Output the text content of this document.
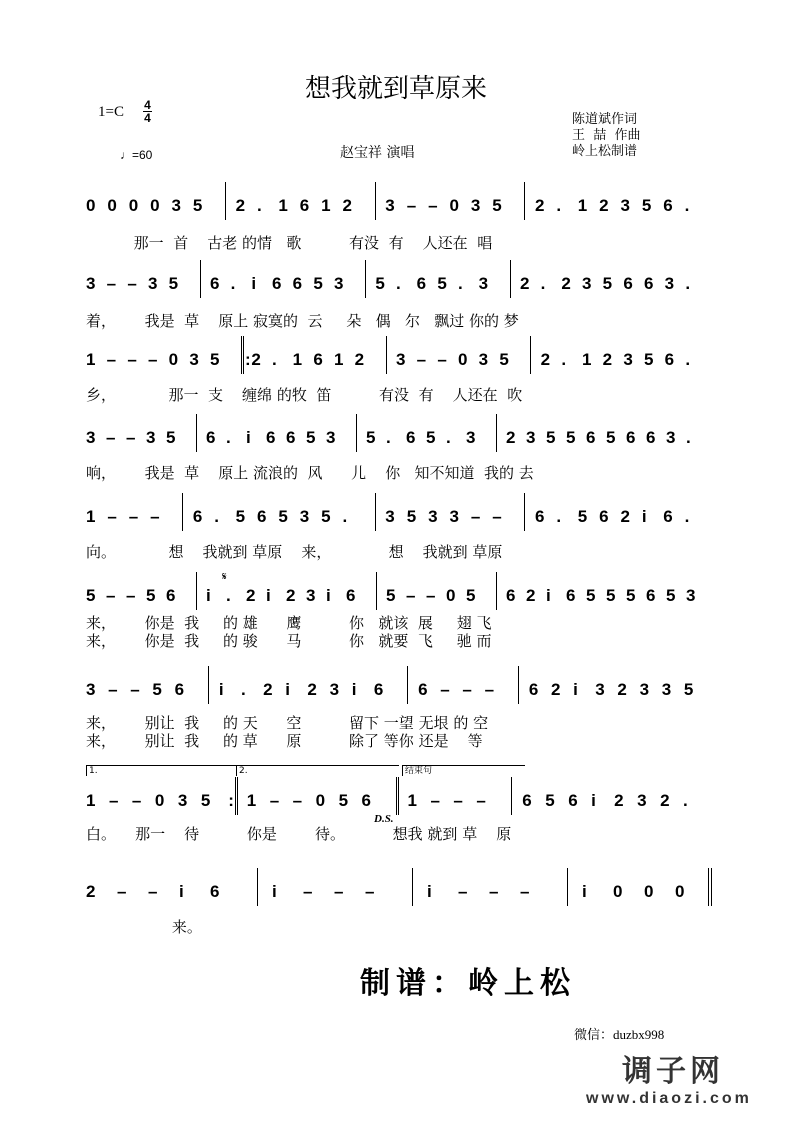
想我就到草原来
1=C 4
4
♩=60	赵宝祥 演唱
陈道斌作词
王  喆  作曲
岭上松制谱
0 0 0 0 3 5 2 . 1 6 1 2 3 – – 0 3 5 2 . 1 2 3 5 6 .
那一  首    古老 的情   歌          有没  有    人还在  唱
3 – – 3 5 6 . i 6 6 5 3 5 . 6 5 . 3 2 . 2 3 5 6 6 3 .
着，      我是  草    原上 寂寞的  云     朵   偶   尔   飘过 你的 梦
1 – – – 0 3 5 : 2 . 1 6 1 2 3 – – 0 3 5 2 . 1 2 3 5 6 .
乡，           那一  支    缠绵 的牧  笛          有没  有    人还在  吹
3 – – 3 5 6 . i 6 6 5 3 5 . 6 5 . 3 2 3 5 5 6 5 6 6 3 .
响，      我是  草    原上 流浪的  风      儿    你   知不知道  我的 去
1 – – – 6 . 5 6 5 3 5 . 3 5 3 3 – – 6 . 5 6 2 i 6 .
向。           想    我就到 草原    来，            想    我就到 草原
5 – – 5 6 i . 2 i 2 3 i 6 5 – – 0 5 6 2 i 6 5 5 5 6 5 3
来，      你是  我     的 雄      鹰          你   就该  展     翅 飞
来，      你是  我     的 骏      马          你   就要  飞     驰 而
𝄋
3 – – 5 6 i . 2 i 2 3 i 6 6 – – – 6 2 i 3 2 3 3 5
来，      别让  我     的 天      空          留下 一望 无垠 的 空
来，      别让  我     的 草      原          除了 等你 还是    等
1 – – 0 3 5 : 1 – – 0 5 6 1 – – – 6 5 6 i 2 3 2 .
白。    那一    待          你是        待。          想我 就到 草    原
1.	2.	结束句
D.S.
2 – – i 6	i – – –	i – – –	i 0 0 0
来。
制谱：岭上松
微信：duzbx998
调子网
www.diaozi.com
